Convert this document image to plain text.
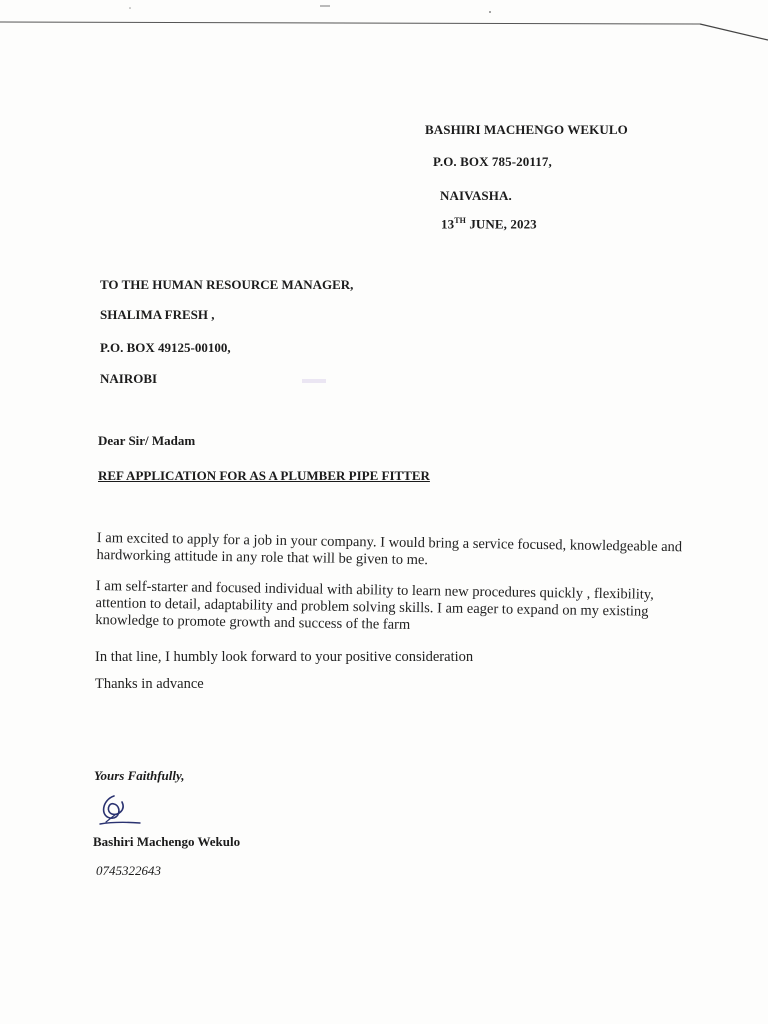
BASHIRI MACHENGO WEKULO
P.O. BOX 785-20117,
NAIVASHA.
13TH JUNE, 2023
TO THE HUMAN RESOURCE MANAGER,
SHALIMA FRESH ,
P.O. BOX 49125-00100,
NAIROBI
Dear Sir/ Madam
REF APPLICATION FOR AS A PLUMBER PIPE FITTER
I am excited to apply for a job in your company. I would bring a service focused, knowledgeable and hardworking attitude in any role that will be given to me.
I am self-starter and focused individual with ability to learn new procedures quickly , flexibility, attention to detail, adaptability and problem solving skills. I am eager to expand on my existing knowledge to promote growth and success of the farm
In that line, I humbly look forward to your positive consideration
Thanks in advance
Yours Faithfully,
Bashiri Machengo Wekulo
0745322643
